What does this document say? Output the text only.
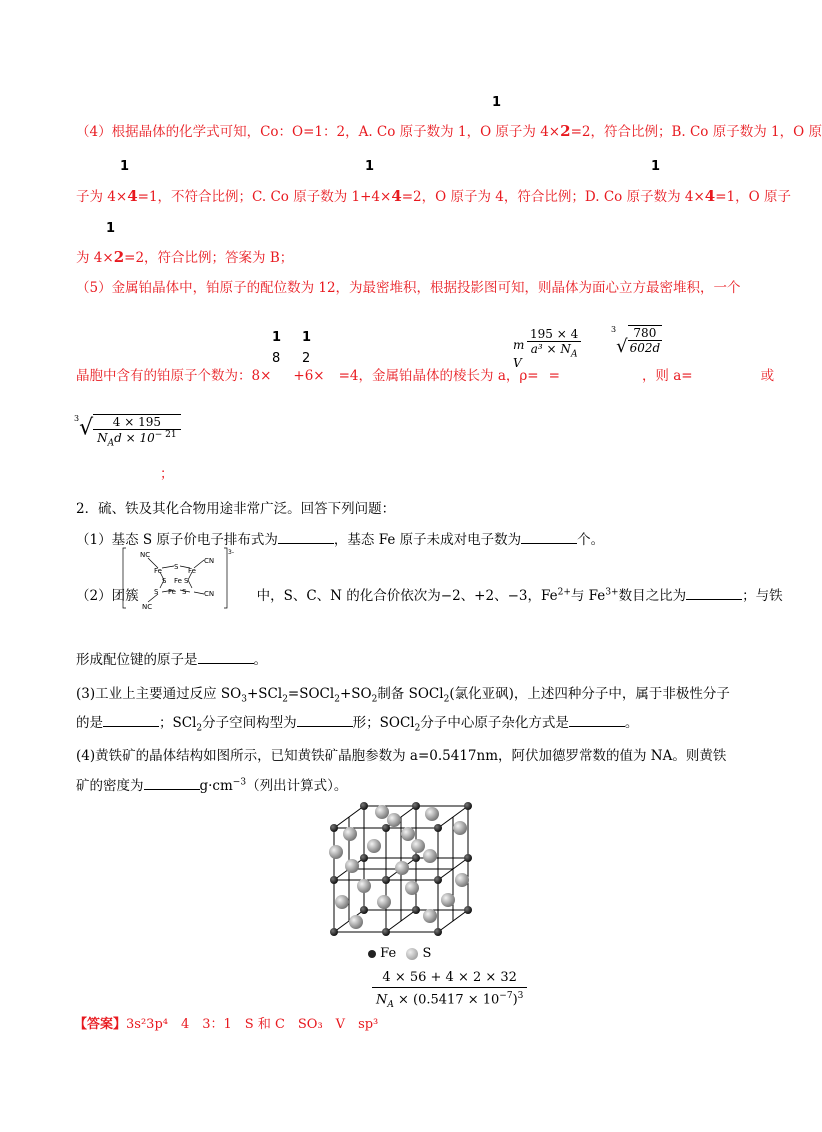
1
（4）根据晶体的化学式可知，Co：O=1：2，A. Co 原子数为 1，O 原子为 4×2=2，符合比例；B. Co 原子数为 1，O 原
1	1	1
子为 4×4=1，不符合比例；C. Co 原子数为 1+4×4=2，O 原子为 4，符合比例；D. Co 原子数为 4×4=1，O 原子
1
为 4×2=2，符合比例；答案为 B；
（5）金属铂晶体中，铂原子的配位数为 12，为最密堆积，根据投影图可知，则晶体为面心立方最密堆积，一个
1 1
8 2
m
V
195 × 4
$a^3 \times N_A$
$^3√ \frac{780}{602d}$
晶胞中含有的铂原子个数为：8× +6× =4，金属铂晶体的棱长为 a，ρ= =	，则 a=	或
$^3$√	4 × 195
$N_Ad \times 10^{- 21}$
；
2．硫、铁及其化合物用途非常广泛。回答下列问题：
（1）基态 S 原子价电子排布式为	，基态 Fe 原子未成对电子数为	个。
NC
Fe S Fe
CN
S Fe S
S Fe S	CN
NC
3-
（2）团簇	中，S、C、N 的化合价依次为−2、+2、−3，$Fe^{2+}$与 $Fe^{3+}$数目之比为	；与铁
形成配位键的原子是	。
(3)工业上主要通过反应 $SO_3+SCl_2=SOCl_2+SO_2$制备 SOCl$_2$(氯化亚砜)，上述四种分子中，属于非极性分子
的是	；SCl$_2$分子空间构型为	形；SOCl$_2$分子中心原子杂化方式是	。
(4)黄铁矿的晶体结构如图所示，已知黄铁矿晶胞参数为 a=0.5417nm，阿伏加德罗常数的值为 NA。则黄铁
矿的密度为	$g\cdot cm^{-3}$（列出计算式）。
Fe S
4 × 56 + 4 × 2 × 32
$N_A \times (0.5417 \times 10^{-7})^3$
【答案】3s²3p⁴　4　3：1　S 和 C　SO₃　V　sp³
